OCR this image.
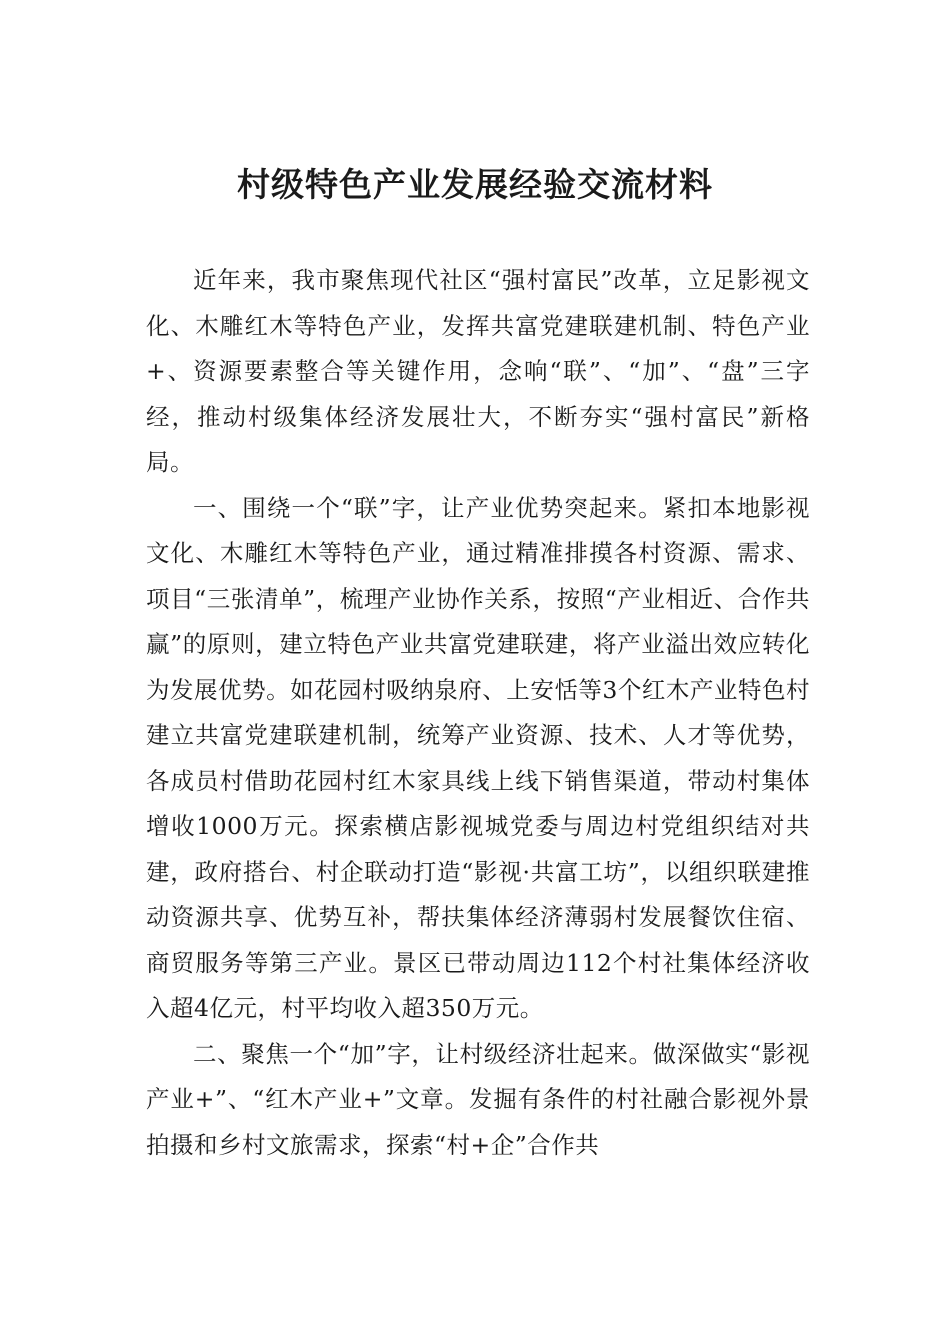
村级特色产业发展经验交流材料

近年来，我市聚焦现代社区“强村富民”改革，立足影视文化、木雕红木等特色产业，发挥共富党建联建机制、特色产业+、资源要素整合等关键作用，念响“联”、“加”、“盘”三字经，推动村级集体经济发展壮大，不断夯实“强村富民”新格局。

一、围绕一个“联”字，让产业优势突起来。紧扣本地影视文化、木雕红木等特色产业，通过精准排摸各村资源、需求、项目“三张清单”，梳理产业协作关系，按照“产业相近、合作共赢”的原则，建立特色产业共富党建联建，将产业溢出效应转化为发展优势。如花园村吸纳泉府、上安恬等3个红木产业特色村建立共富党建联建机制，统筹产业资源、技术、人才等优势，各成员村借助花园村红木家具线上线下销售渠道，带动村集体增收1000万元。探索横店影视城党委与周边村党组织结对共建，政府搭台、村企联动打造“影视·共富工坊”，以组织联建推动资源共享、优势互补，帮扶集体经济薄弱村发展餐饮住宿、商贸服务等第三产业。景区已带动周边112个村社集体经济收入超4亿元，村平均收入超350万元。

二、聚焦一个“加”字，让村级经济壮起来。做深做实“影视产业+”、“红木产业+”文章。发掘有条件的村社融合影视外景拍摄和乡村文旅需求，探索“村+企”合作共
